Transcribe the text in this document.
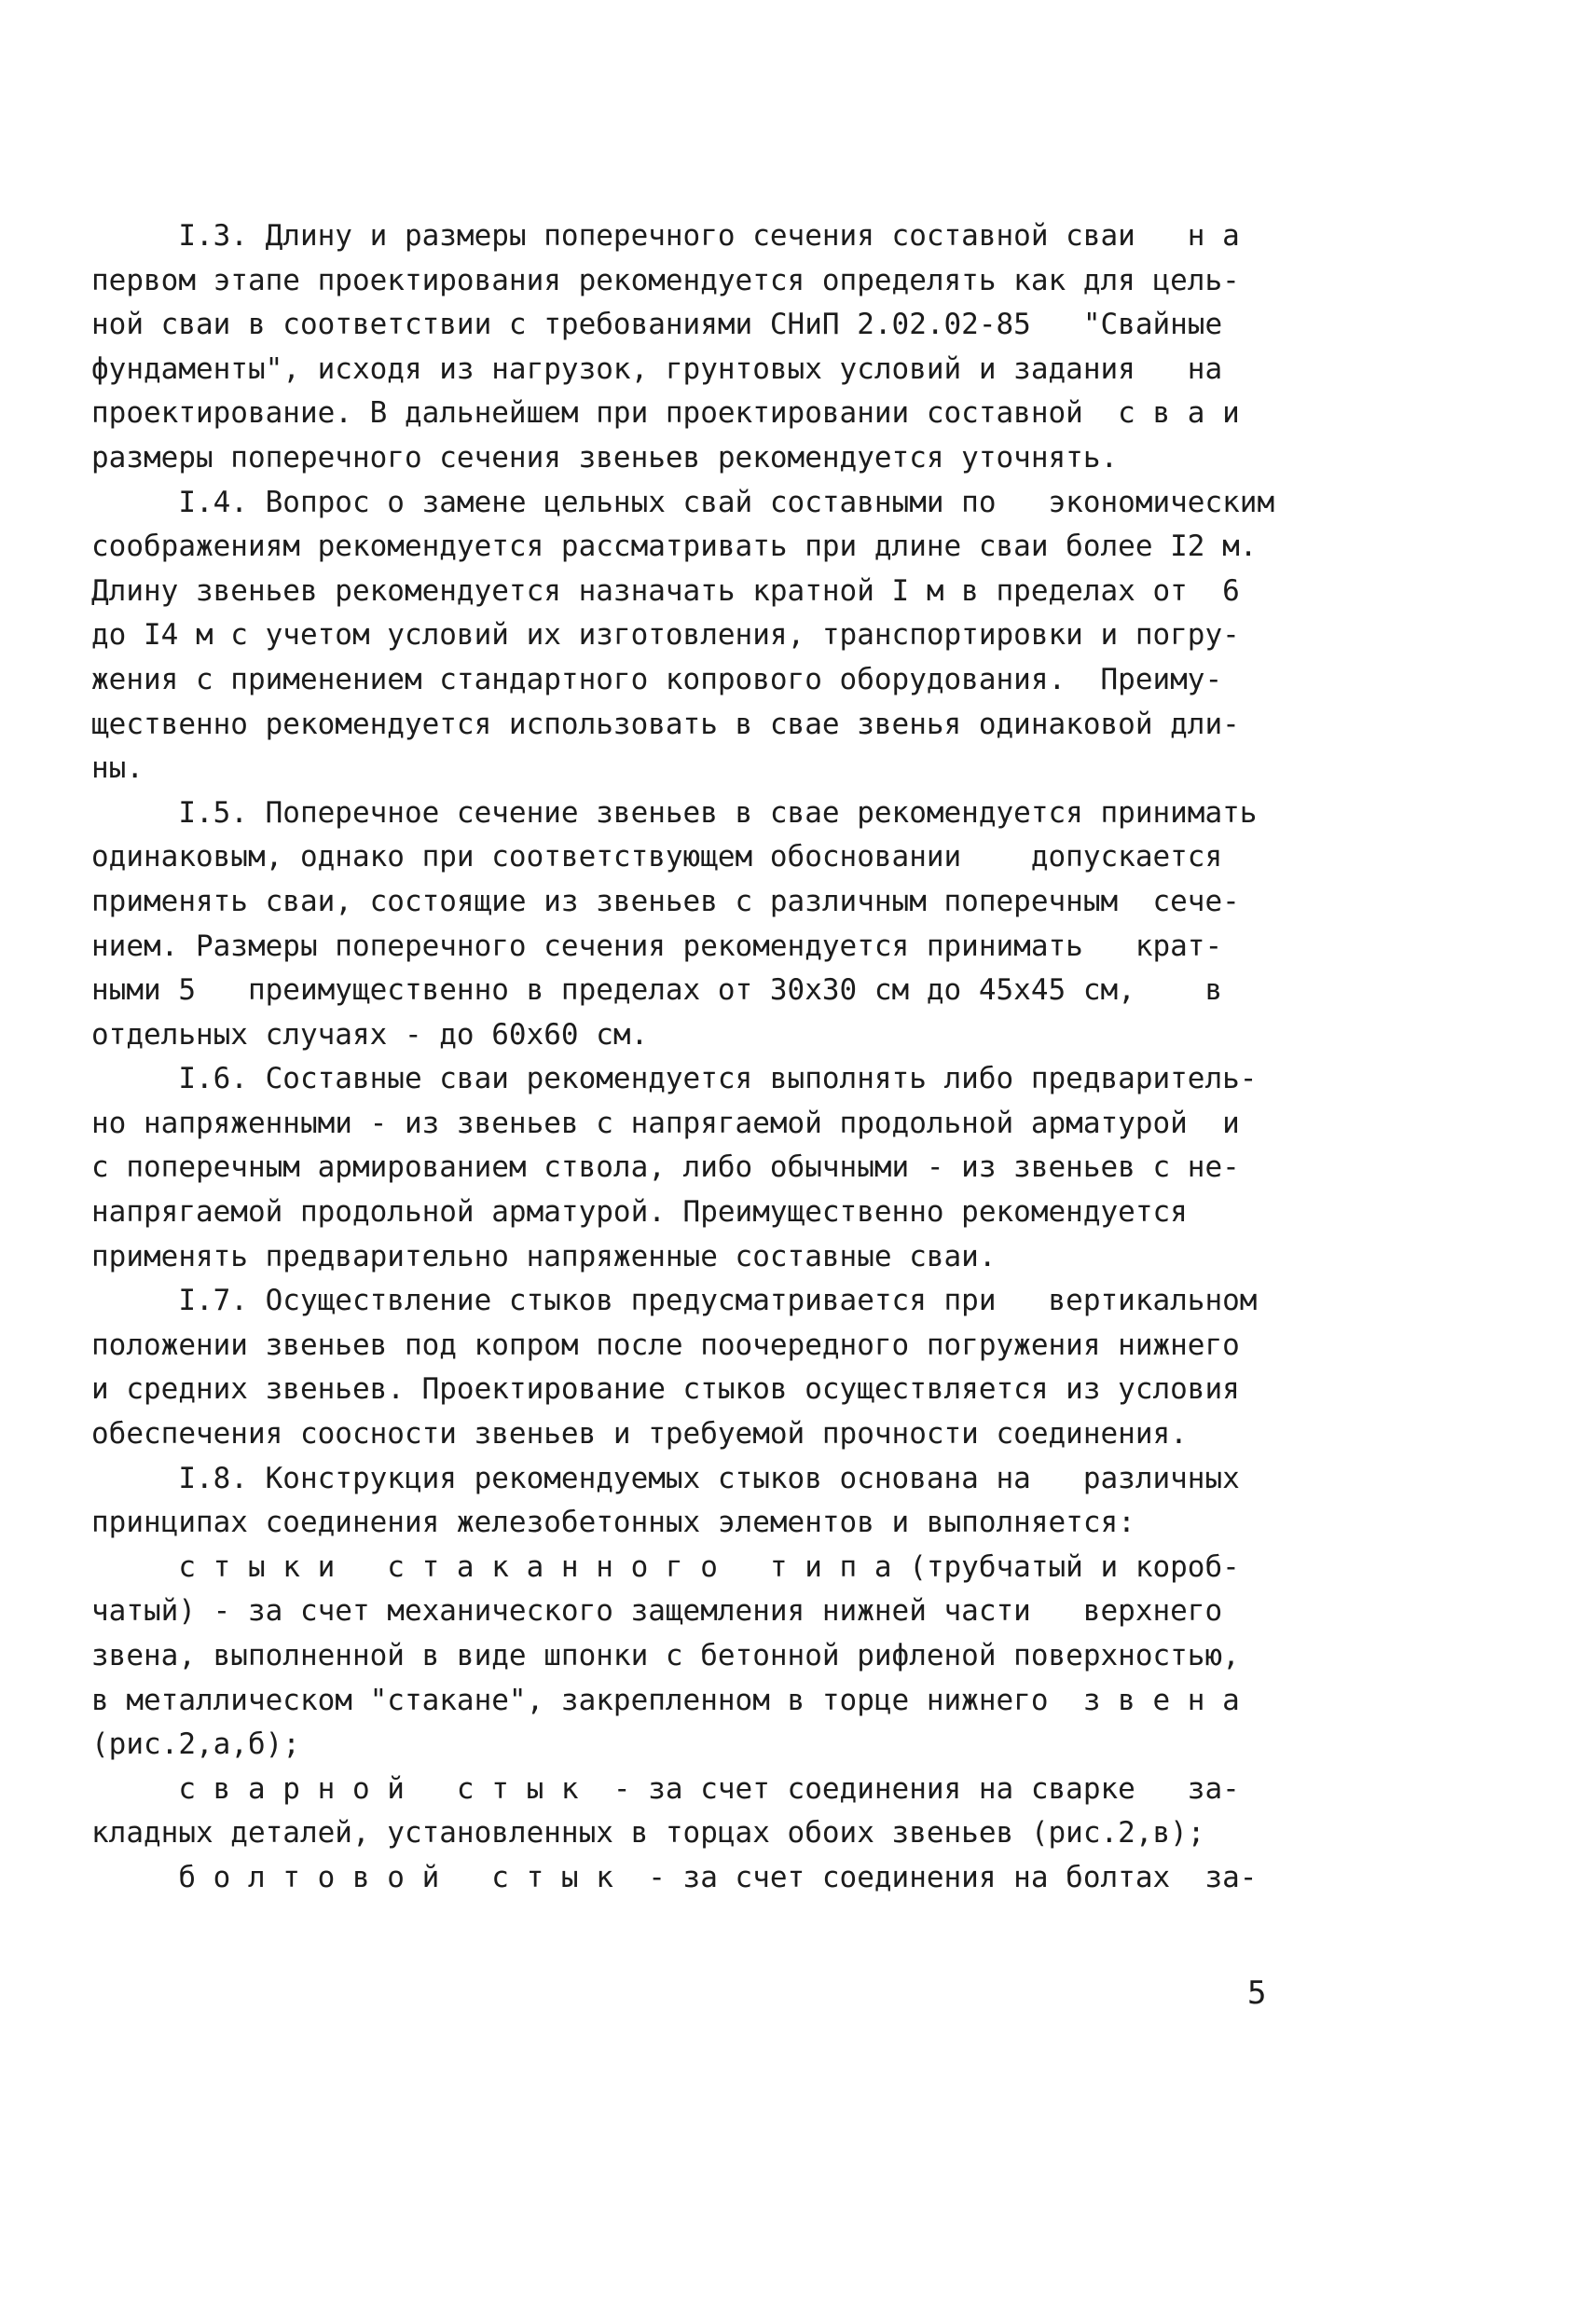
I.3. Длину и размеры поперечного сечения составной сваи   н а
первом этапе проектирования рекомендуется определять как для цель-
ной сваи в соответствии с требованиями СНиП 2.02.02-85   "Свайные
фундаменты", исходя из нагрузок, грунтовых условий и задания   на
проектирование. В дальнейшем при проектировании составной  с в а и
размеры поперечного сечения звеньев рекомендуется уточнять.
I.4. Вопрос о замене цельных свай составными по   экономическим
соображениям рекомендуется рассматривать при длине сваи более I2 м.
Длину звеньев рекомендуется назначать кратной I м в пределах от  6
до I4 м с учетом условий их изготовления, транспортировки и погру-
жения с применением стандартного копрового оборудования.  Преиму-
щественно рекомендуется использовать в свае звенья одинаковой дли-
ны.
I.5. Поперечное сечение звеньев в свае рекомендуется принимать
одинаковым, однако при соответствующем обосновании    допускается
применять сваи, состоящие из звеньев с различным поперечным  сече-
нием. Размеры поперечного сечения рекомендуется принимать   крат-
ными 5   преимущественно в пределах от 30х30 см до 45х45 см,    в
отдельных случаях - до 60х60 см.
I.6. Составные сваи рекомендуется выполнять либо предваритель-
но напряженными - из звеньев с напрягаемой продольной арматурой  и
с поперечным армированием ствола, либо обычными - из звеньев с не-
напрягаемой продольной арматурой. Преимущественно рекомендуется
применять предварительно напряженные составные сваи.
I.7. Осуществление стыков предусматривается при   вертикальном
положении звеньев под копром после поочередного погружения нижнего
и средних звеньев. Проектирование стыков осуществляется из условия
обеспечения соосности звеньев и требуемой прочности соединения.
I.8. Конструкция рекомендуемых стыков основана на   различных
принципах соединения железобетонных элементов и выполняется:
с т ы к и   с т а к а н н о г о   т и п а (трубчатый и короб-
чатый) - за счет механического защемления нижней части   верхнего
звена, выполненной в виде шпонки с бетонной рифленой поверхностью,
в металлическом "стакане", закрепленном в торце нижнего  з в е н а
(рис.2,а,б);
с в а р н о й   с т ы к  - за счет соединения на сварке   за-
кладных деталей, установленных в торцах обоих звеньев (рис.2,в);
б о л т о в о й   с т ы к  - за счет соединения на болтах  за-
5
